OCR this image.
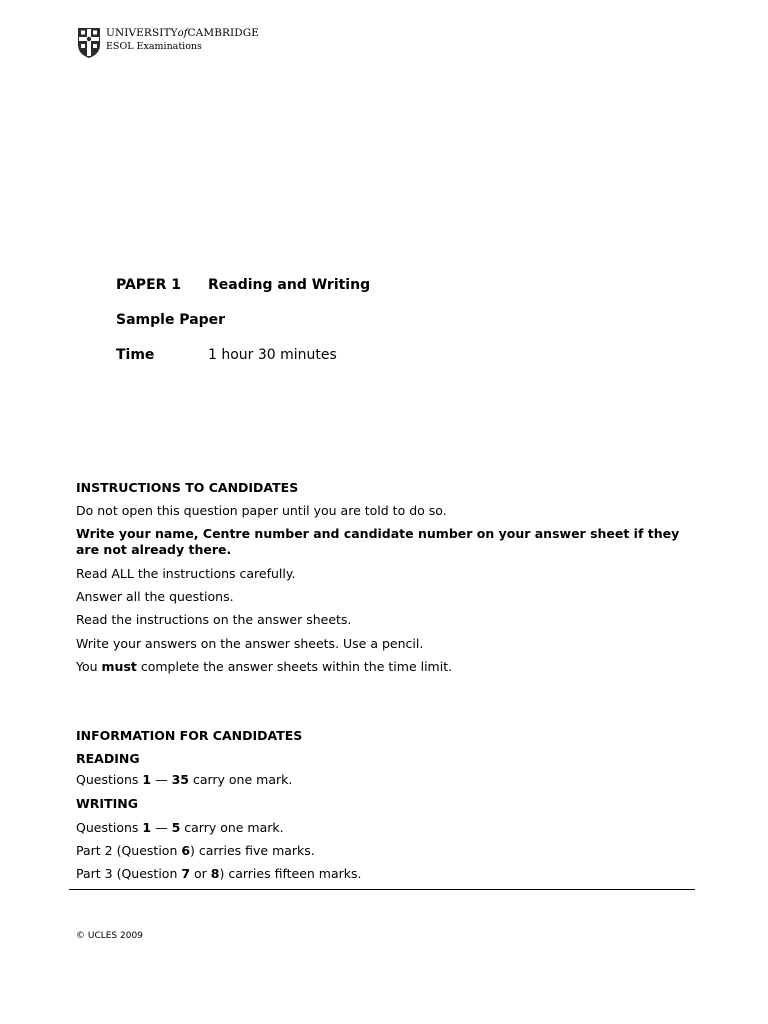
UNIVERSITYofCAMBRIDGE
ESOL Examinations
PAPER 1 Reading and Writing
Sample Paper
Time	1 hour 30 minutes
INSTRUCTIONS TO CANDIDATES
Do not open this question paper until you are told to do so.
Write your name, Centre number and candidate number on your answer sheet if they are not already there.
Read ALL the instructions carefully.
Answer all the questions.
Read the instructions on the answer sheets.
Write your answers on the answer sheets. Use a pencil.
You must complete the answer sheets within the time limit.
INFORMATION FOR CANDIDATES
READING
Questions 1 — 35 carry one mark.
WRITING
Questions 1 — 5 carry one mark.
Part 2 (Question 6) carries five marks.
Part 3 (Question 7 or 8) carries fifteen marks.
© UCLES 2009
